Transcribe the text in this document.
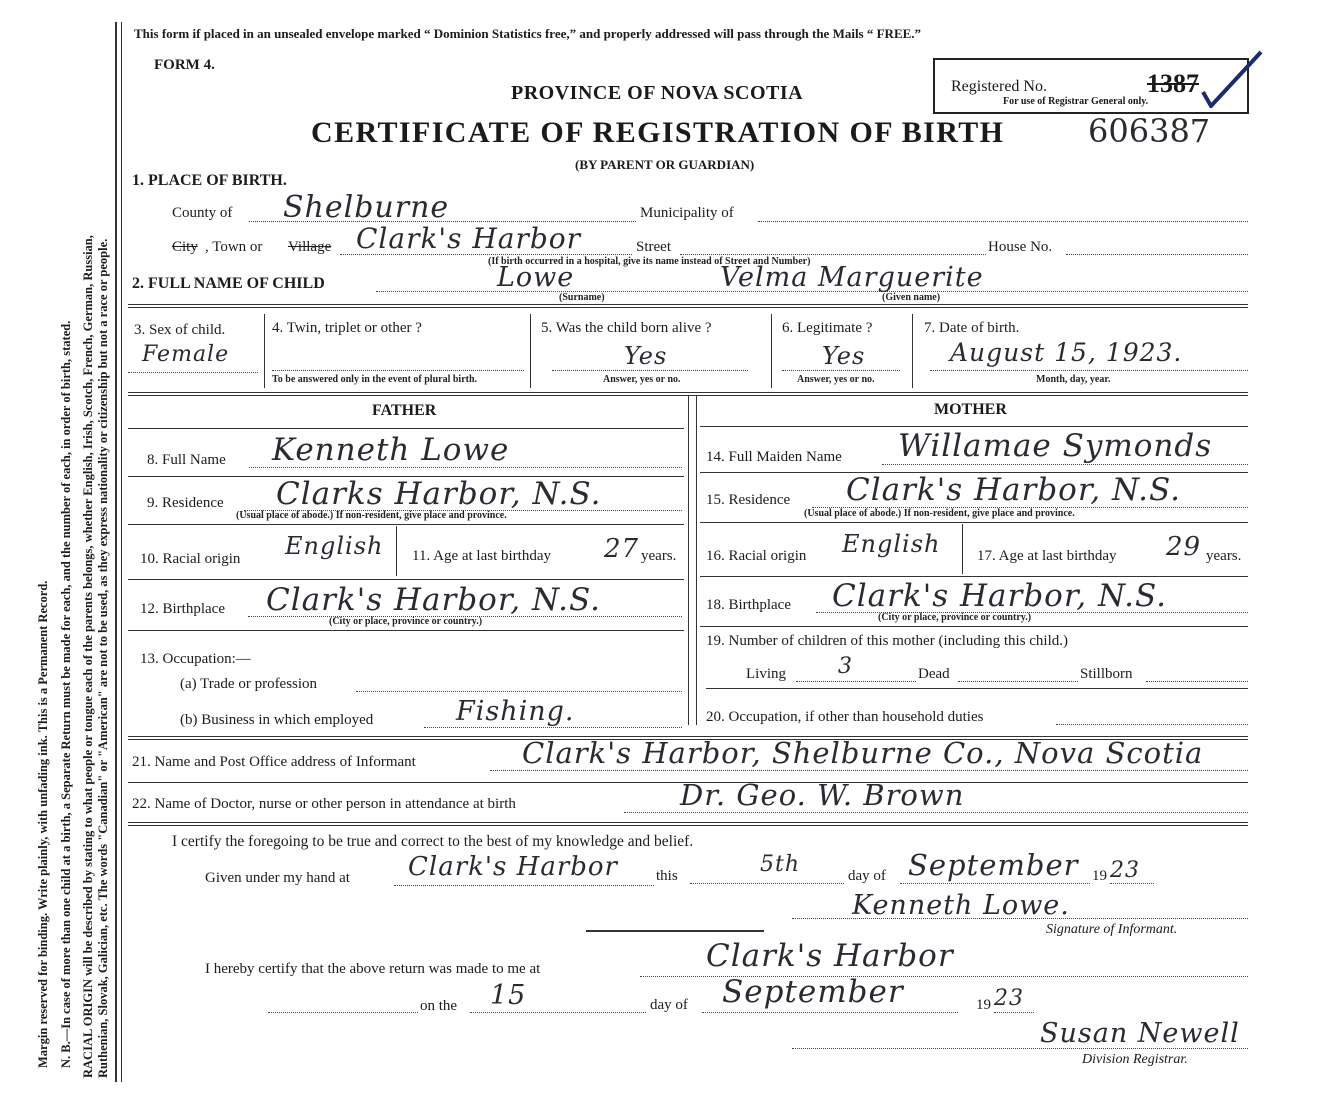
Margin reserved for binding. Write plainly, with unfading ink. This is a Permanent Record. N. B.—In case of more than one child at a birth, a Separate Return must be made for each, and the number of each, in order of birth, stated. RACIAL ORIGIN will be described by stating to what people or tongue each of the parents belongs, whether English, Irish, Scotch, French, German, Russian, Ruthenian, Slovak, Galician, etc. The words "Canadian" or "American" are not to be used, as they express nationality or citizenship but not a race or people.
This form if placed in an unsealed envelope marked “ Dominion Statistics free,” and properly addressed will pass through the Mails “ FREE.”
FORM 4.
PROVINCE OF NOVA SCOTIA
CERTIFICATE OF REGISTRATION OF BIRTH
(BY PARENT OR GUARDIAN)
606387
Registered No.	1387
For use of Registrar General only.
1. PLACE OF BIRTH.
County of Shelburne	Municipality of
City , Town or Village Clark's Harbor	Street	House No.
(If birth occurred in a hospital, give its name instead of Street and Number)
2. FULL NAME OF CHILD	Lowe
(Surname)
Velma Marguerite
(Given name)
3. Sex of child.
Female
4. Twin, triplet or other ?
To be answered only in the event of plural birth.
5. Was the child born alive ?
Yes
Answer, yes or no.
6. Legitimate ?
Yes
Answer, yes or no.
7. Date of birth.
August 15, 1923.
Month, day, year.
FATHER	MOTHER
8. Full Name Kenneth Lowe
9. Residence Clarks Harbor, N.S.
(Usual place of abode.) If non-resident, give place and province.
10. Racial origin English 11. Age at last birthday 27 years.
12. Birthplace Clark's Harbor, N.S.
(City or place, province or country.)
13. Occupation:—
(a) Trade or profession
(b) Business in which employed	Fishing.
14. Full Maiden Name Willamae Symonds
15. Residence Clark's Harbor, N.S.
(Usual place of abode.) If non-resident, give place and province.
16. Racial origin English 17. Age at last birthday 29 years.
18. Birthplace Clark's Harbor, N.S.
(City or place, province or country.)
19. Number of children of this mother (including this child.)
Living 3	Dead	Stillborn
20. Occupation, if other than household duties
21. Name and Post Office address of Informant	Clark's Harbor, Shelburne Co., Nova Scotia
22. Name of Doctor, nurse or other person in attendance at birth	Dr. Geo. W. Brown
I certify the foregoing to be true and correct to the best of my knowledge and belief.
Given under my hand at Clark's Harbor	this	5th	day of September 19 23
Kenneth Lowe.
Signature of Informant.
I hereby certify that the above return was made to me at	Clark's Harbor
on the 15	day of September	19 23
Susan Newell
Division Registrar.
